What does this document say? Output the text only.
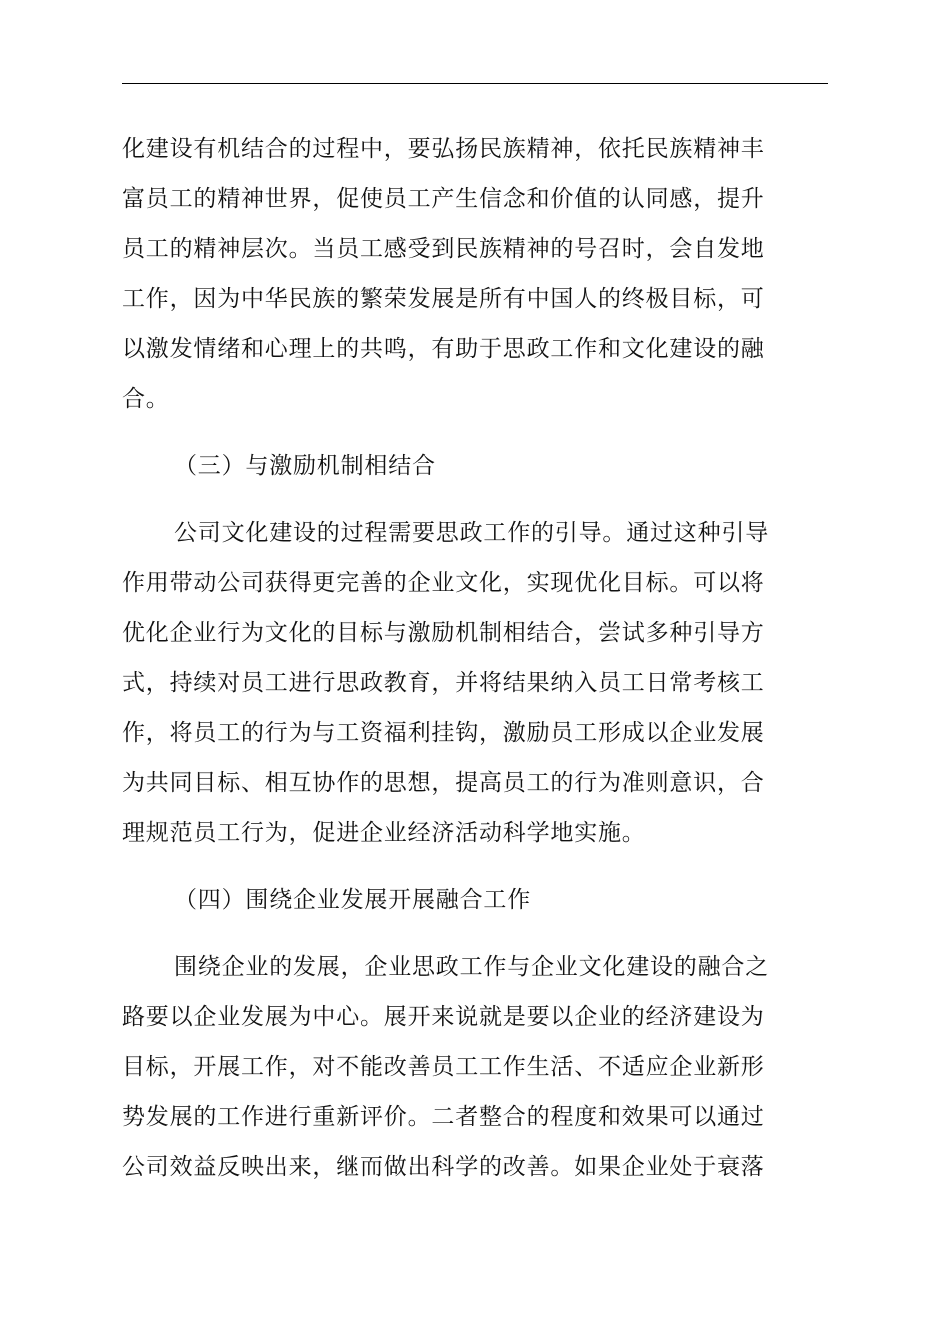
化建设有机结合的过程中，要弘扬民族精神，依托民族精神丰
富员工的精神世界，促使员工产生信念和价值的认同感，提升
员工的精神层次。当员工感受到民族精神的号召时，会自发地
工作，因为中华民族的繁荣发展是所有中国人的终极目标，可
以激发情绪和心理上的共鸣，有助于思政工作和文化建设的融
合。
（三）与激励机制相结合
公司文化建设的过程需要思政工作的引导。通过这种引导
作用带动公司获得更完善的企业文化，实现优化目标。可以将
优化企业行为文化的目标与激励机制相结合，尝试多种引导方
式，持续对员工进行思政教育，并将结果纳入员工日常考核工
作，将员工的行为与工资福利挂钩，激励员工形成以企业发展
为共同目标、相互协作的思想，提高员工的行为准则意识，合
理规范员工行为，促进企业经济活动科学地实施。
（四）围绕企业发展开展融合工作
围绕企业的发展，企业思政工作与企业文化建设的融合之
路要以企业发展为中心。展开来说就是要以企业的经济建设为
目标，开展工作，对不能改善员工工作生活、不适应企业新形
势发展的工作进行重新评价。二者整合的程度和效果可以通过
公司效益反映出来，继而做出科学的改善。如果企业处于衰落
